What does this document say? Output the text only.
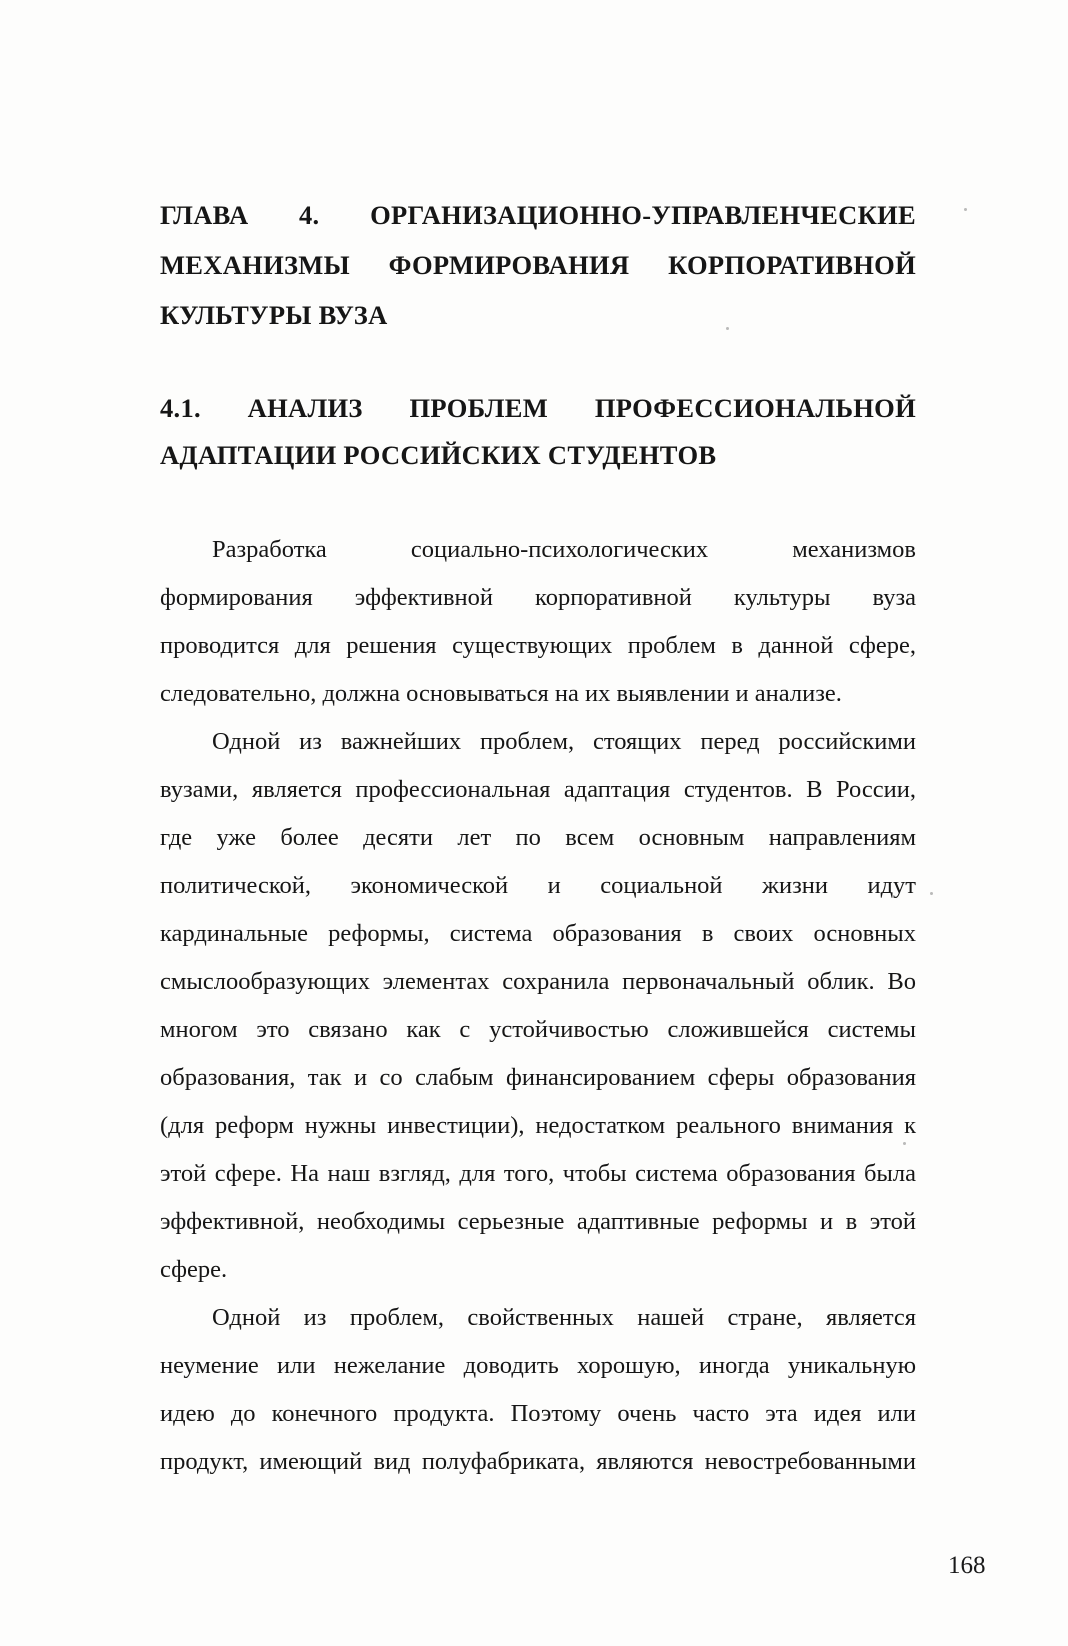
ГЛАВА 4. ОРГАНИЗАЦИОННО-УПРАВЛЕНЧЕСКИЕ
МЕХАНИЗМЫ ФОРМИРОВАНИЯ КОРПОРАТИВНОЙ
КУЛЬТУРЫ ВУЗА
4.1. АНАЛИЗ ПРОБЛЕМ ПРОФЕССИОНАЛЬНОЙ
АДАПТАЦИИ РОССИЙСКИХ СТУДЕНТОВ
Разработка социально-психологических механизмов
формирования эффективной корпоративной культуры вуза
проводится для решения существующих проблем в данной сфере,
следовательно, должна основываться на их выявлении и анализе.
Одной из важнейших проблем, стоящих перед российскими
вузами, является профессиональная адаптация студентов. В России,
где уже более десяти лет по всем основным направлениям
политической, экономической и социальной жизни идут
кардинальные реформы, система образования в своих основных
смыслообразующих элементах сохранила первоначальный облик. Во
многом это связано как с устойчивостью сложившейся системы
образования, так и со слабым финансированием сферы образования
(для реформ нужны инвестиции), недостатком реального внимания к
этой сфере. На наш взгляд, для того, чтобы система образования была
эффективной, необходимы серьезные адаптивные реформы и в этой
сфере.
Одной из проблем, свойственных нашей стране, является
неумение или нежелание доводить хорошую, иногда уникальную
идею до конечного продукта. Поэтому очень часто эта идея или
продукт, имеющий вид полуфабриката, являются невостребованными
168
